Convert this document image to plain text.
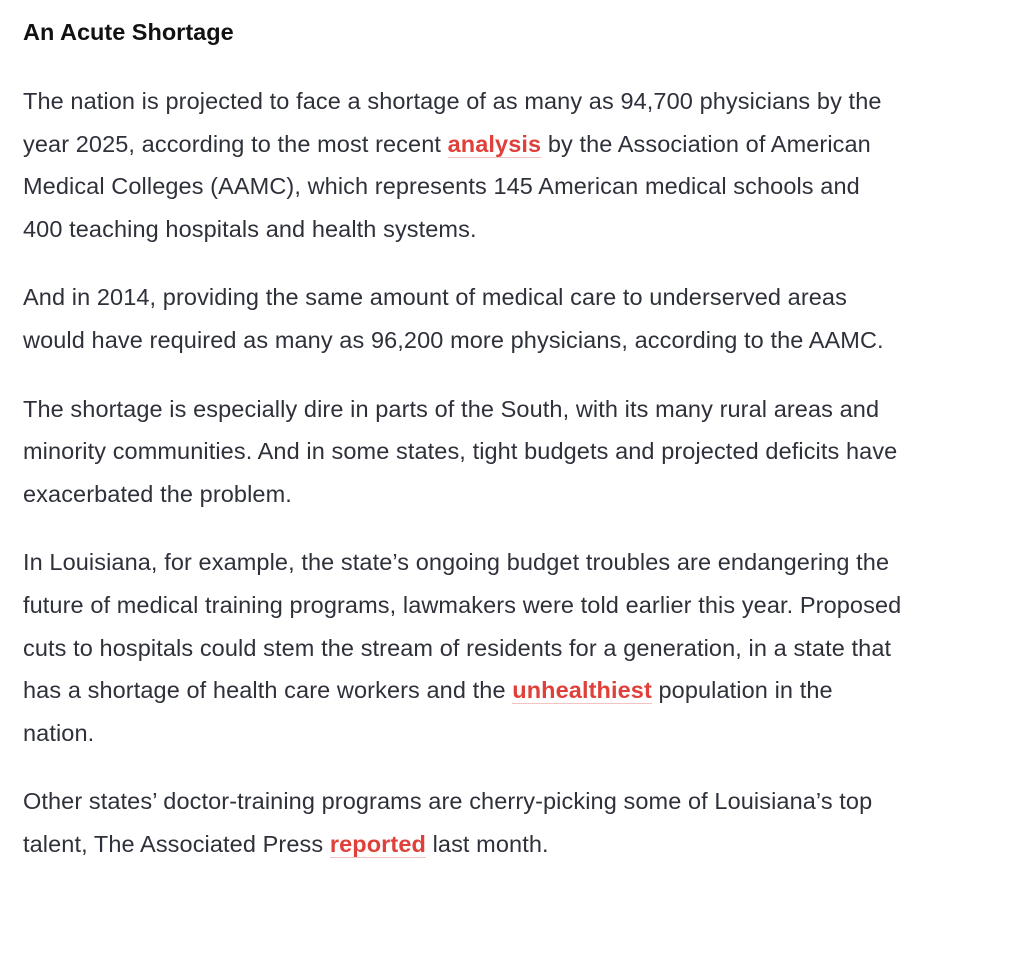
An Acute Shortage

The nation is projected to face a shortage of as many as 94,700 physicians by the year 2025, according to the most recent analysis by the Association of American Medical Colleges (AAMC), which represents 145 American medical schools and 400 teaching hospitals and health systems.

And in 2014, providing the same amount of medical care to underserved areas would have required as many as 96,200 more physicians, according to the AAMC.

The shortage is especially dire in parts of the South, with its many rural areas and minority communities. And in some states, tight budgets and projected deficits have exacerbated the problem.

In Louisiana, for example, the state’s ongoing budget troubles are endangering the future of medical training programs, lawmakers were told earlier this year. Proposed cuts to hospitals could stem the stream of residents for a generation, in a state that has a shortage of health care workers and the unhealthiest population in the nation.

Other states’ doctor-training programs are cherry-picking some of Louisiana’s top talent, The Associated Press reported last month.
